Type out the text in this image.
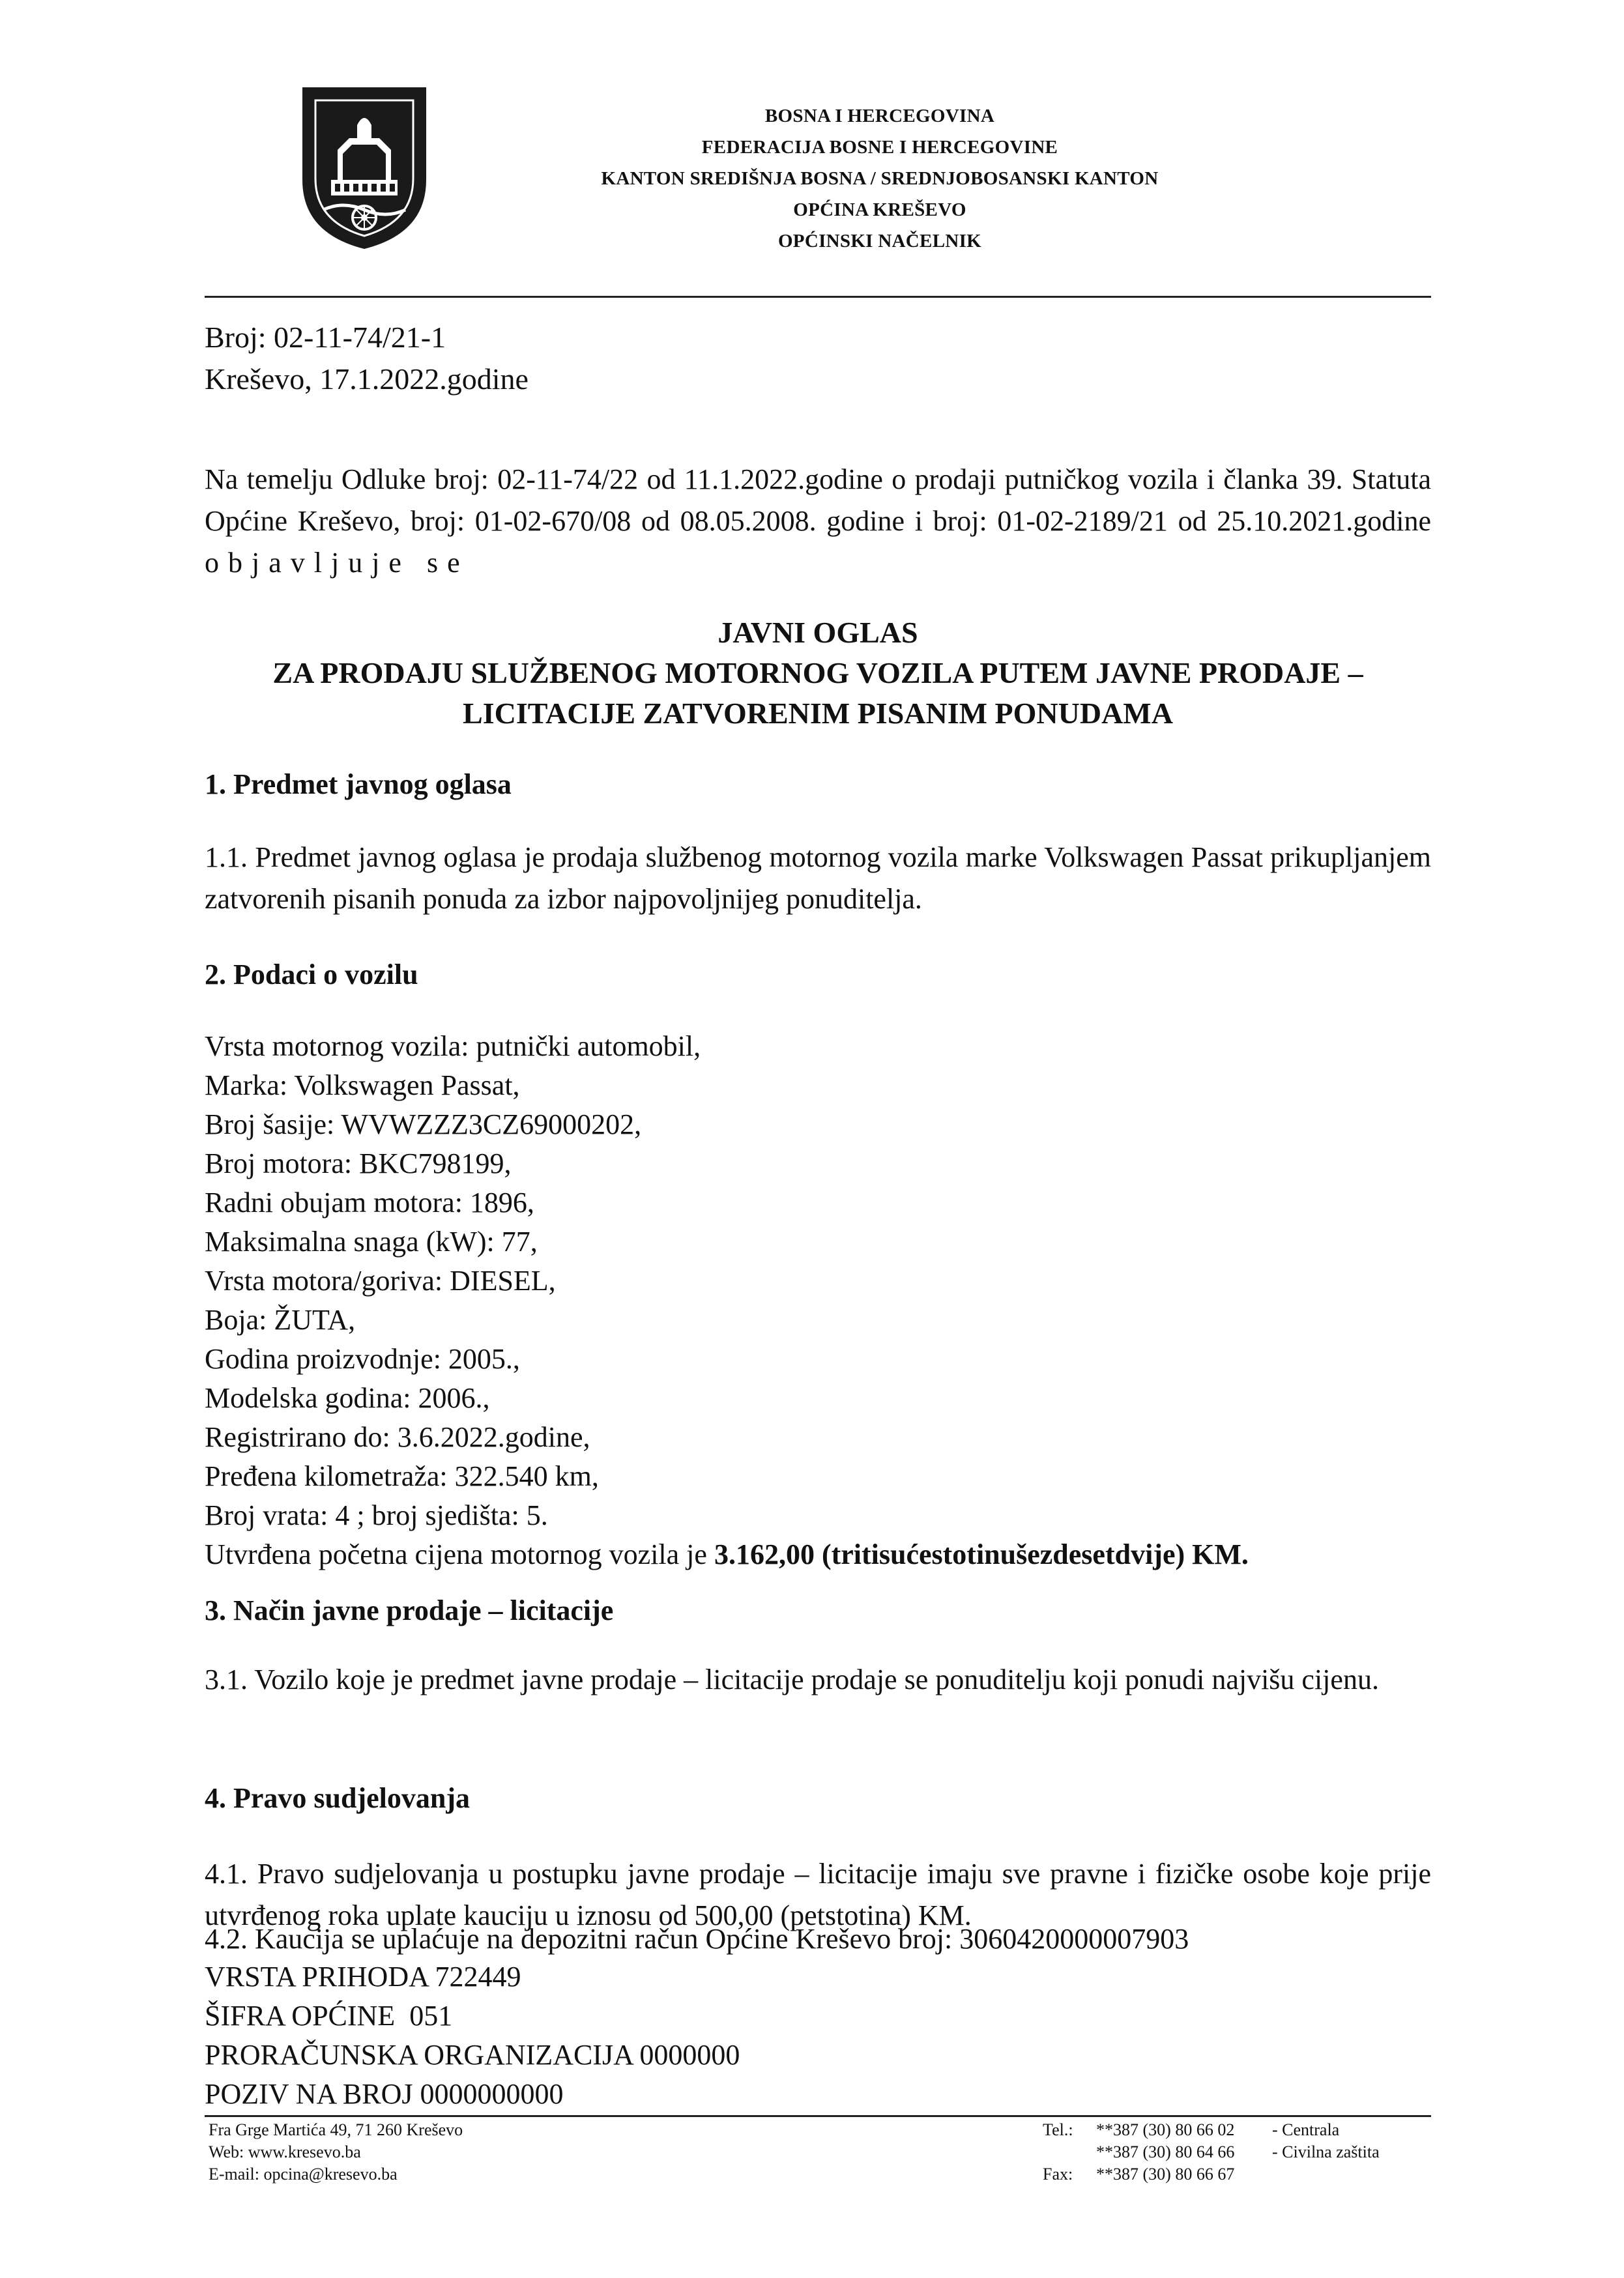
BOSNA I HERCEGOVINA
FEDERACIJA BOSNE I HERCEGOVINE
KANTON SREDIŠNJA BOSNA / SREDNJOBOSANSKI KANTON
OPĆINA KREŠEVO
OPĆINSKI NAČELNIK
Broj: 02-11-74/21-1
Kreševo, 17.1.2022.godine
Na temelju Odluke broj: 02-11-74/22 od 11.1.2022.godine o prodaji putničkog vozila i članka 39. Statuta Općine Kreševo, broj: 01-02-670/08 od 08.05.2008. godine i broj: 01-02-2189/21 od 25.10.2021.godine objavljuje se
JAVNI OGLAS
ZA PRODAJU SLUŽBENOG MOTORNOG VOZILA PUTEM JAVNE PRODAJE –
LICITACIJE ZATVORENIM PISANIM PONUDAMA
1. Predmet javnog oglasa
1.1. Predmet javnog oglasa je prodaja službenog motornog vozila marke Volkswagen Passat prikupljanjem zatvorenih pisanih ponuda za izbor najpovoljnijeg ponuditelja.
2. Podaci o vozilu
Vrsta motornog vozila: putnički automobil,
Marka: Volkswagen Passat,
Broj šasije: WVWZZZ3CZ69000202,
Broj motora: BKC798199,
Radni obujam motora: 1896,
Maksimalna snaga (kW): 77,
Vrsta motora/goriva: DIESEL,
Boja: ŽUTA,
Godina proizvodnje: 2005.,
Modelska godina: 2006.,
Registrirano do: 3.6.2022.godine,
Pređena kilometraža: 322.540 km,
Broj vrata: 4 ; broj sjedišta: 5.
Utvrđena početna cijena motornog vozila je 3.162,00 (tritisućestotinušezdesetdvije) KM.
3. Način javne prodaje – licitacije
3.1. Vozilo koje je predmet javne prodaje – licitacije prodaje se ponuditelju koji ponudi najvišu cijenu.
4. Pravo sudjelovanja
4.1. Pravo sudjelovanja u postupku javne prodaje – licitacije imaju sve pravne i fizičke osobe koje prije utvrđenog roka uplate kauciju u iznosu od 500,00 (petstotina) KM.
4.2. Kaucija se uplaćuje na depozitni račun Općine Kreševo broj: 3060420000007903
VRSTA PRIHODA 722449
ŠIFRA OPĆINE  051
PRORAČUNSKA ORGANIZACIJA 0000000
POZIV NA BROJ 0000000000
Fra Grge Martića 49, 71 260 Kreševo
Web: www.kresevo.ba
E-mail: opcina@kresevo.ba
Tel.: **387 (30) 80 66 02 - Centrala
**387 (30) 80 64 66 - Civilna zaštita
Fax: **387 (30) 80 66 67
